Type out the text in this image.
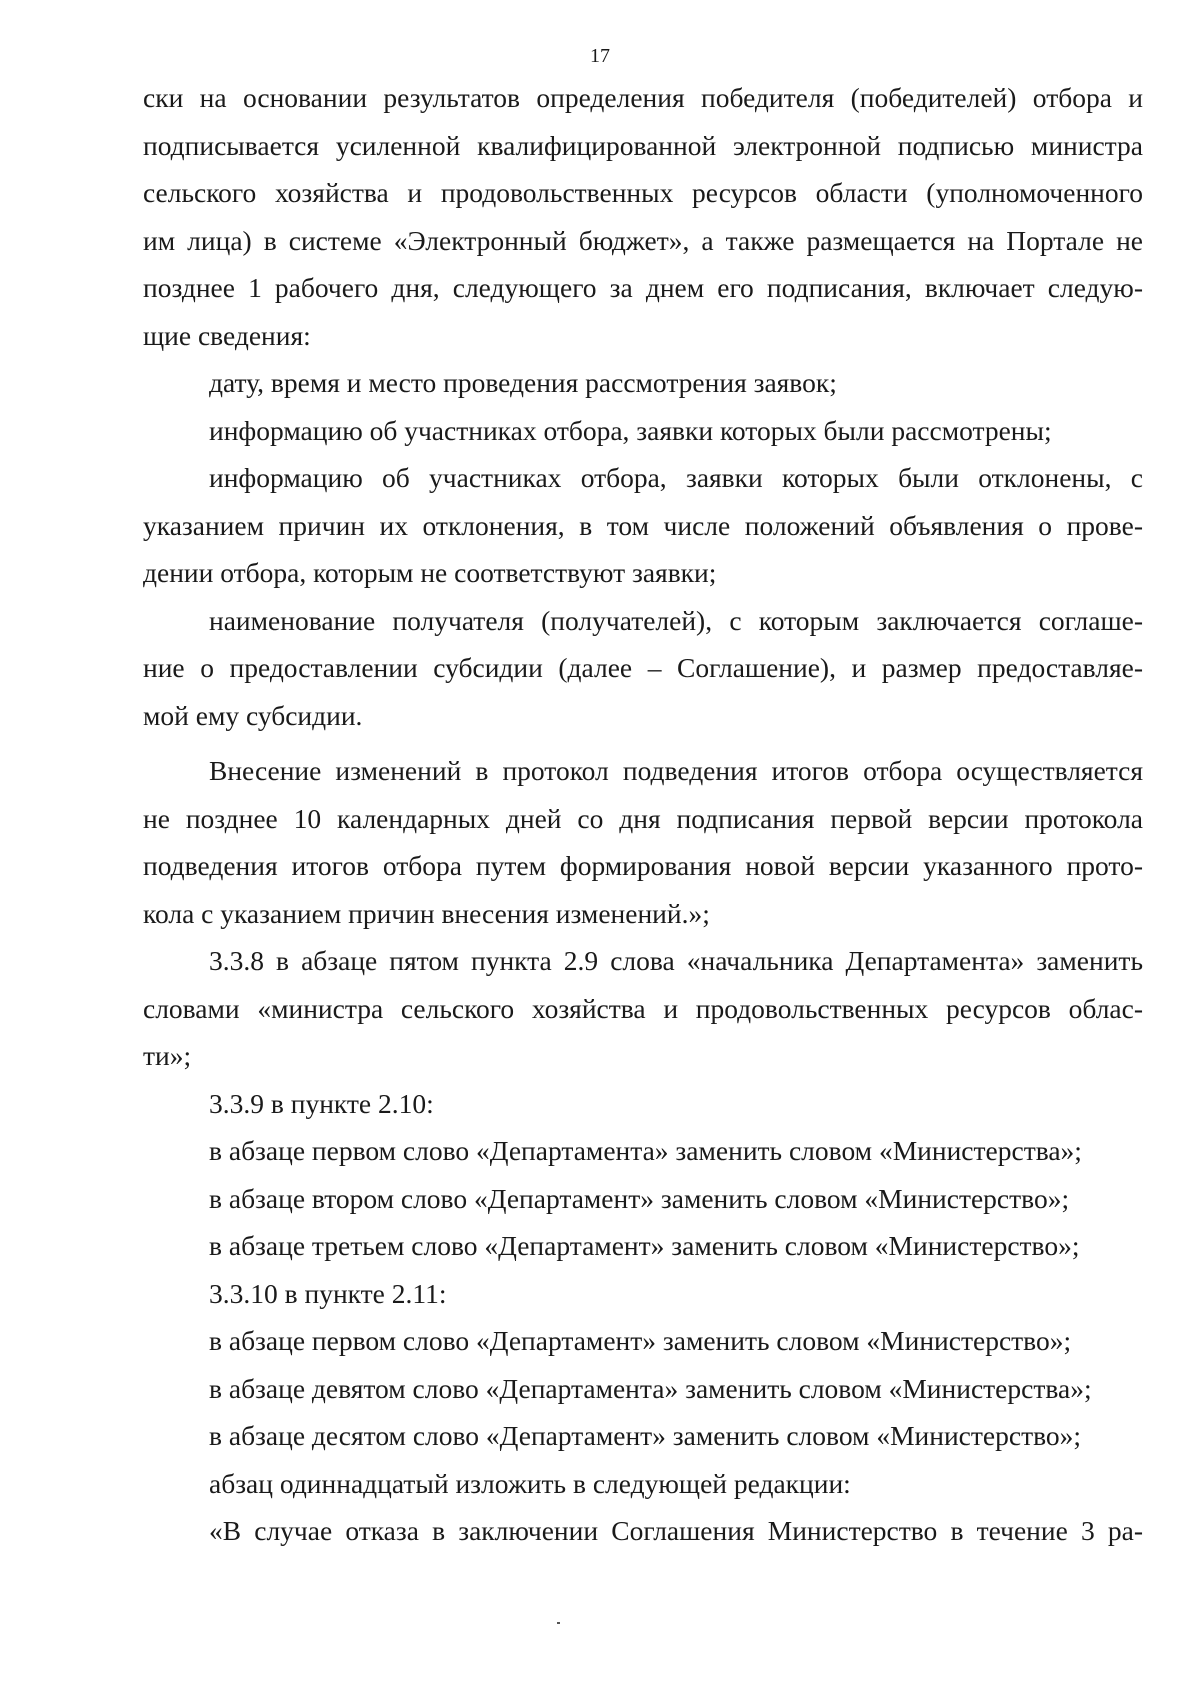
17

ски на основании результатов определения победителя (победителей) отбора и

подписывается усиленной квалифицированной электронной подписью министра

сельского хозяйства и продовольственных ресурсов области (уполномоченного

им лица) в системе «Электронный бюджет», а также размещается на Портале не

позднее 1 рабочего дня, следующего за днем его подписания, включает следую-

щие сведения:

дату, время и место проведения рассмотрения заявок;

информацию об участниках отбора, заявки которых были рассмотрены;

информацию об участниках отбора, заявки которых были отклонены, с

указанием причин их отклонения, в том числе положений объявления о прове-

дении отбора, которым не соответствуют заявки;

наименование получателя (получателей), с которым заключается соглаше-

ние о предоставлении субсидии (далее – Соглашение), и размер предоставляе-

мой ему субсидии.

Внесение изменений в протокол подведения итогов отбора осуществляется

не позднее 10 календарных дней со дня подписания первой версии протокола

подведения итогов отбора путем формирования новой версии указанного прото-

кола с указанием причин внесения изменений.»;

3.3.8 в абзаце пятом пункта 2.9 слова «начальника Департамента» заменить

словами «министра сельского хозяйства и продовольственных ресурсов облас-

ти»;

3.3.9 в пункте 2.10:

в абзаце первом слово «Департамента» заменить словом «Министерства»;

в абзаце втором слово «Департамент» заменить словом «Министерство»;

в абзаце третьем слово «Департамент» заменить словом «Министерство»;

3.3.10 в пункте 2.11:

в абзаце первом слово «Департамент» заменить словом «Министерство»;

в абзаце девятом слово «Департамента» заменить словом «Министерства»;

в абзаце десятом слово «Департамент» заменить словом «Министерство»;

абзац одиннадцатый изложить в следующей редакции:

«В случае отказа в заключении Соглашения Министерство в течение 3 ра-
